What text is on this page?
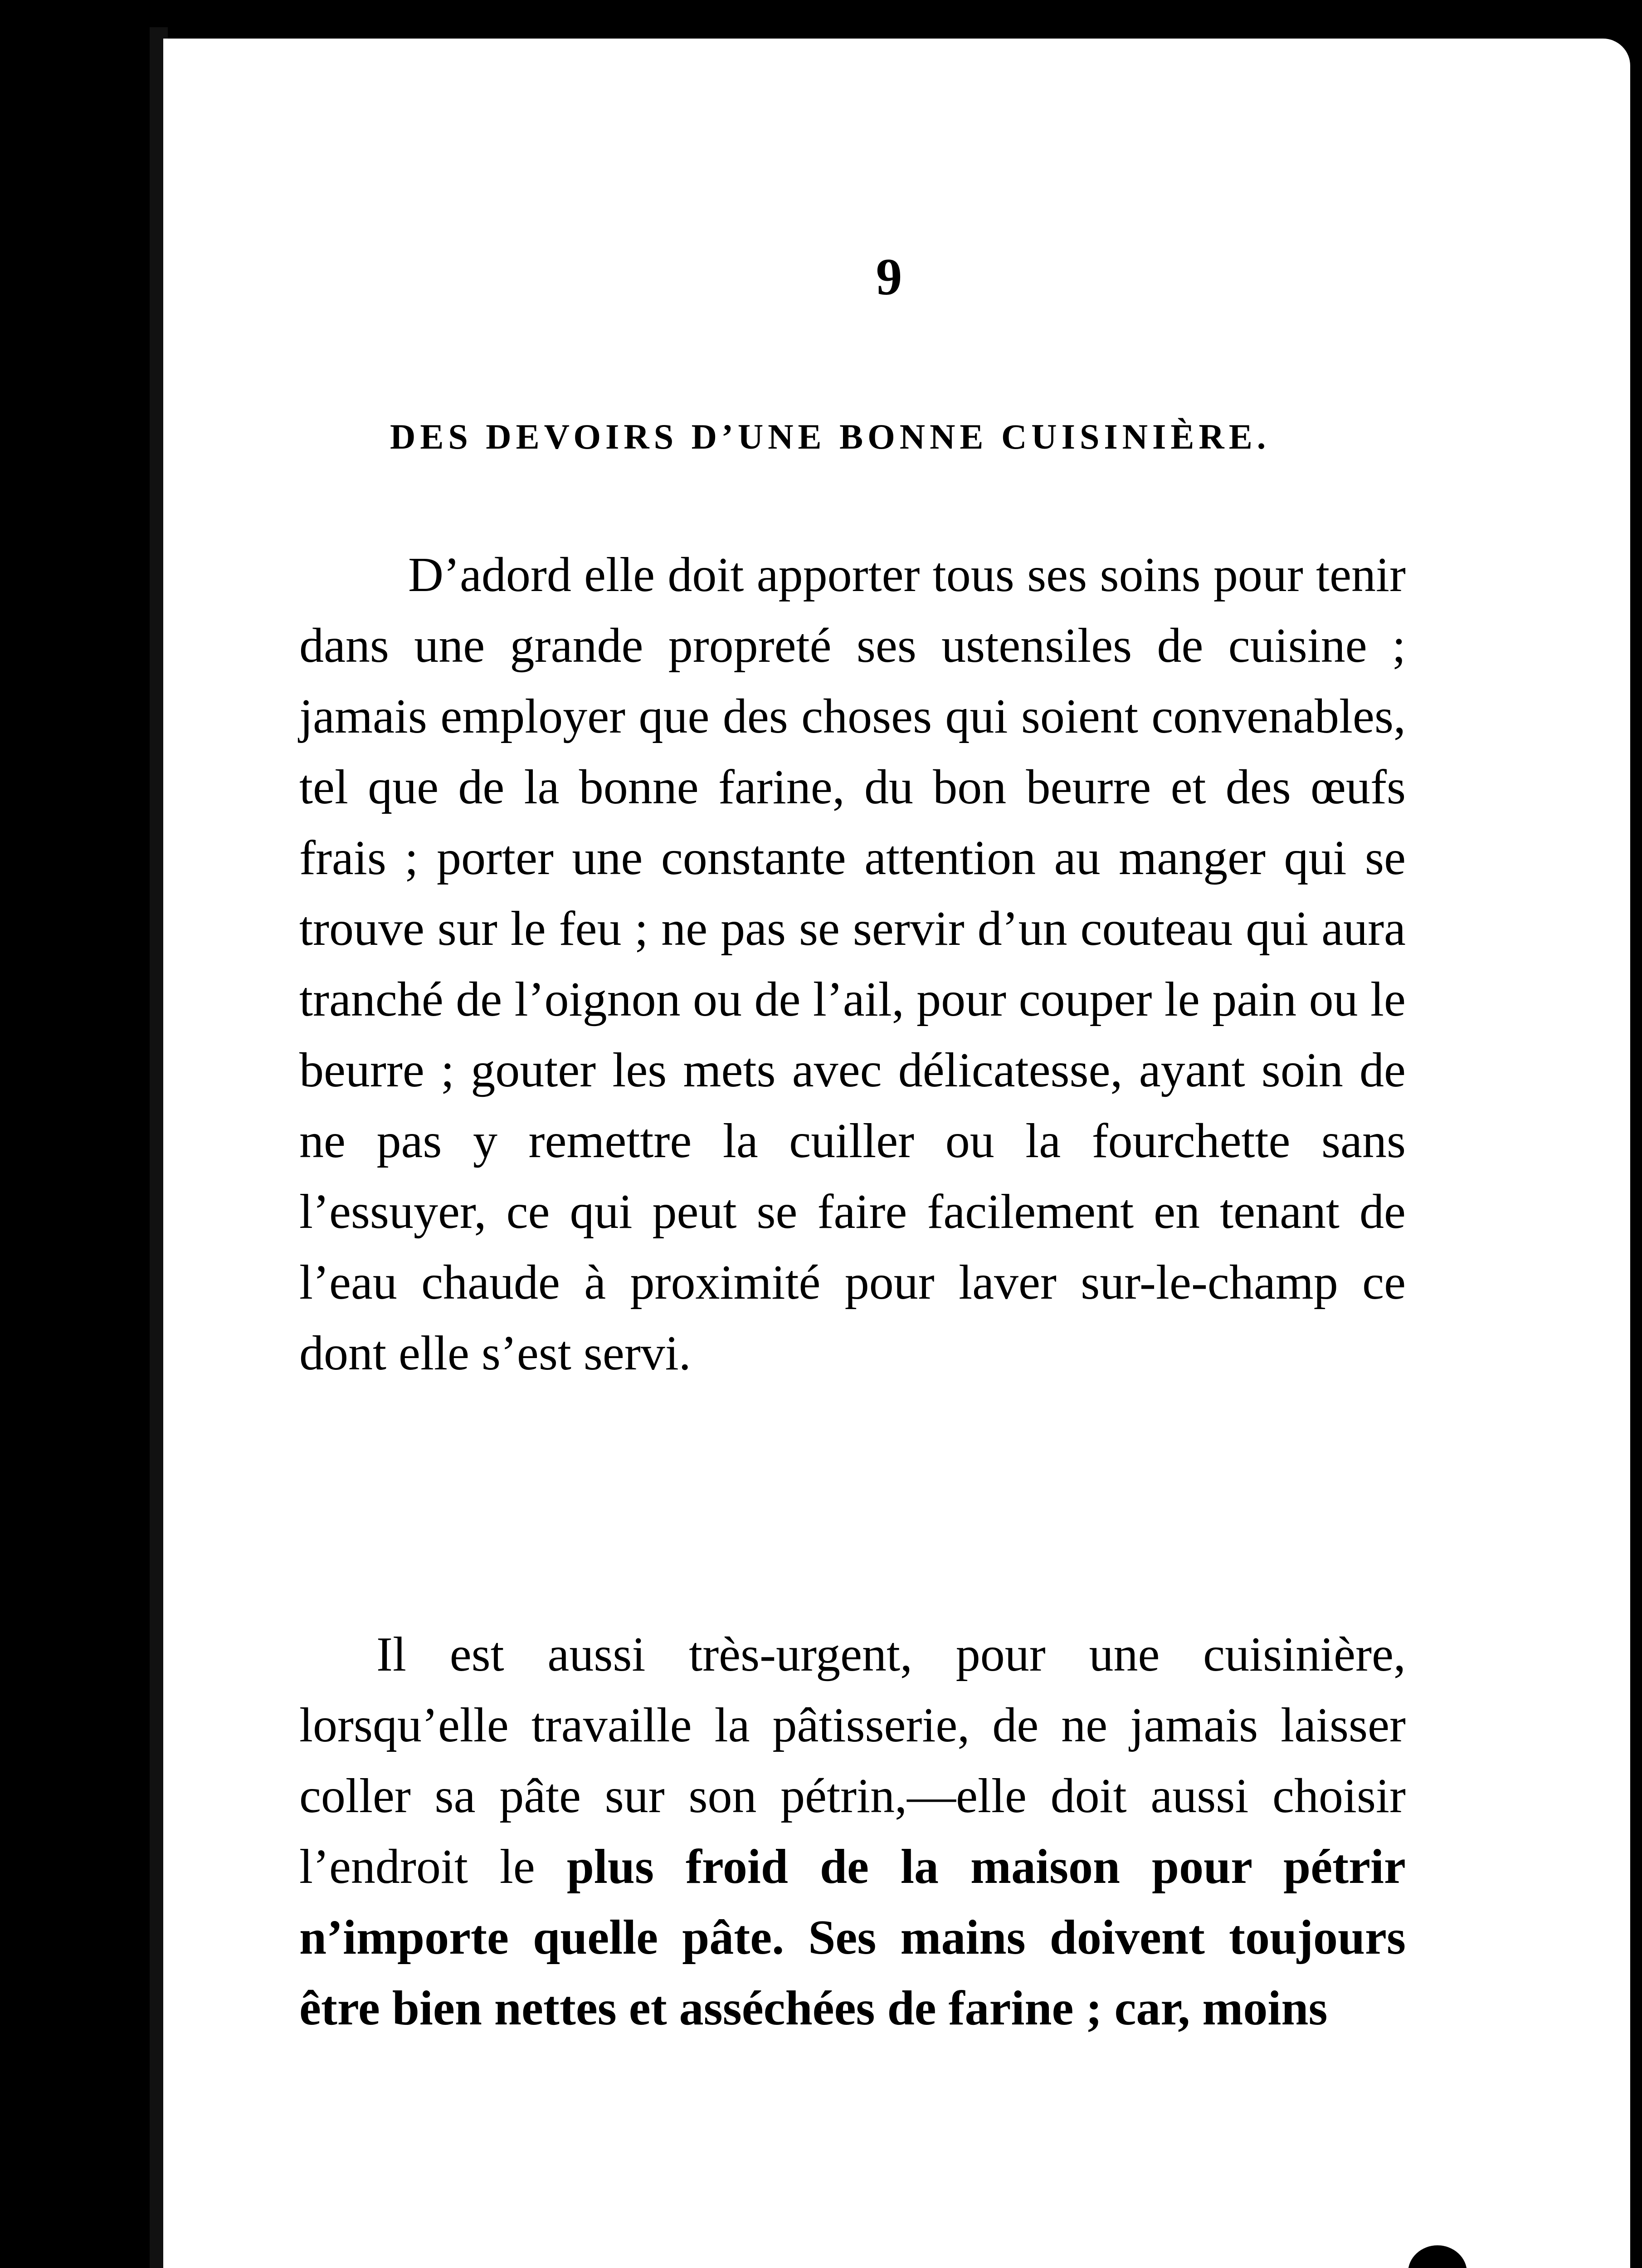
9
DES DEVOIRS D’UNE BONNE CUISINIÈRE.

D’adord elle doit apporter tous ses soins pour tenir dans une grande propreté ses ustensiles de cuisine ; jamais employer que des choses qui soient convenables, tel que de la bonne farine, du bon beurre et des œufs frais ; porter une constante attention au manger qui se trouve sur le feu ; ne pas se servir d’un couteau qui aura tranché de l’oignon ou de l’ail, pour couper le pain ou le beurre ; gouter les mets avec délicatesse, ayant soin de ne pas y remettre la cuiller ou la fourchette sans l’essuyer, ce qui peut se faire facilement en tenant de l’eau chaude à proximité pour laver sur-le-champ ce dont elle s’est servi.

Il est aussi très-urgent, pour une cuisinière, lorsqu’elle travaille la pâtisserie, de ne jamais laisser coller sa pâte sur son pétrin,—elle doit aussi choisir l’endroit le plus froid de la maison pour pétrir n’importe quelle pâte. Ses mains doivent toujours être bien nettes et asséchées de farine ; car, moins
